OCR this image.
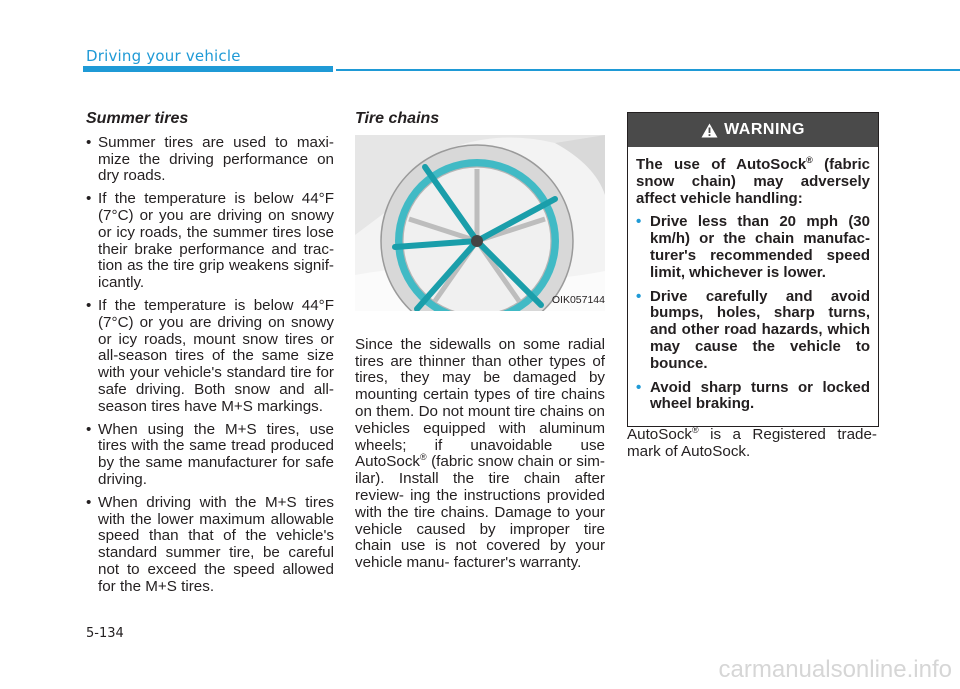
Driving your vehicle
Summer tires
• Summer tires are used to maxi- mize the driving performance on dry roads.
• If the temperature is below 44°F (7°C) or you are driving on snowy or icy roads, the summer tires lose their brake performance and trac- tion as the tire grip weakens signif- icantly.
• If the temperature is below 44°F (7°C) or you are driving on snowy or icy roads, mount snow tires or all-season tires of the same size with your vehicle's standard tire for safe driving. Both snow and all- season tires have M+S markings.
• When using the M+S tires, use tires with the same tread produced by the same manufacturer for safe driving.
• When driving with the M+S tires with the lower maximum allowable speed than that of the vehicle's standard summer tire, be careful not to exceed the speed allowed for the M+S tires.
Tire chains
OIK057144

Since the sidewalls on some radial tires are thinner than other types of tires, they may be damaged by mounting certain types of tire chains on them. Do not mount tire chains on vehicles equipped with aluminum wheels; if unavoidable use AutoSock® (fabric snow chain or sim- ilar). Install the tire chain after review- ing the instructions provided with the tire chains. Damage to your vehicle caused by improper tire chain use is not covered by your vehicle manu- facturer's warranty.

WARNING

The use of AutoSock® (fabric snow chain) may adversely affect vehicle handling:

• Drive less than 20 mph (30 km/h) or the chain manufac- turer's recommended speed limit, whichever is lower.
• Drive carefully and avoid bumps, holes, sharp turns, and other road hazards, which may cause the vehicle to bounce.
• Avoid sharp turns or locked wheel braking.

AutoSock® is a Registered trade- mark of AutoSock.

5-134
carmanualsonline.info
